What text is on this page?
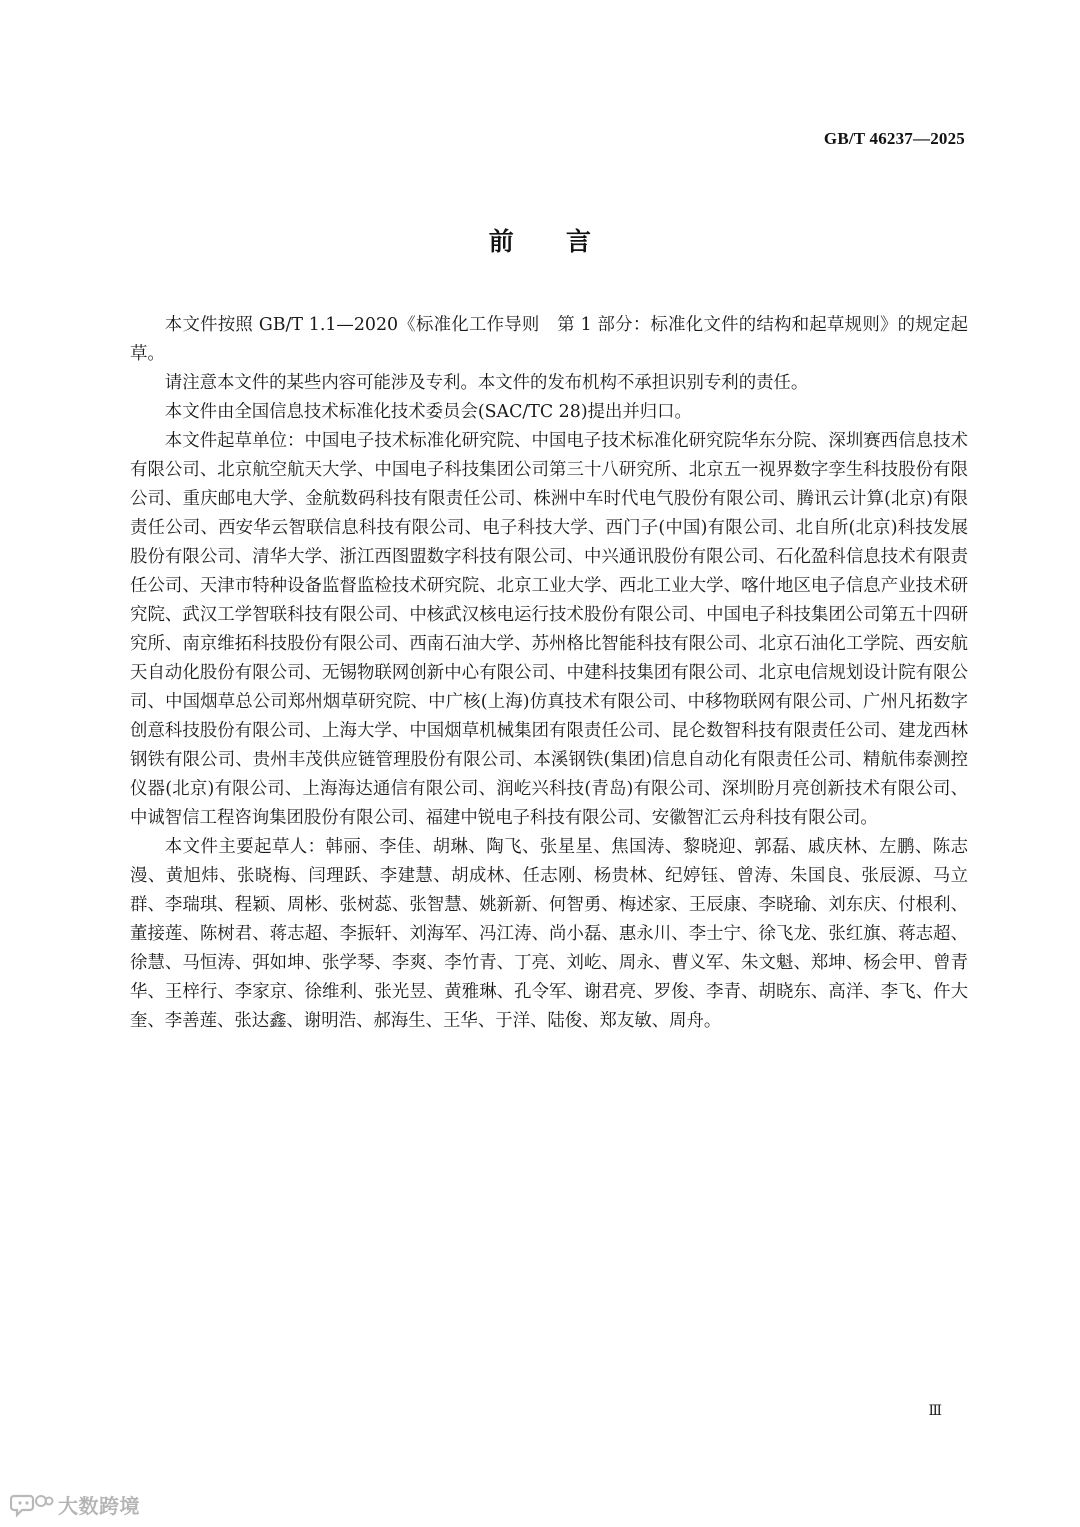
GB/T 46237—2025
前 言

本文件按照 GB/T 1.1—2020《标准化工作导则　第 1 部分：标准化文件的结构和起草规则》的规定起草。

请注意本文件的某些内容可能涉及专利。本文件的发布机构不承担识别专利的责任。

本文件由全国信息技术标准化技术委员会(SAC/TC 28)提出并归口。

本文件起草单位：中国电子技术标准化研究院、中国电子技术标准化研究院华东分院、深圳赛西信息技术有限公司、北京航空航天大学、中国电子科技集团公司第三十八研究所、北京五一视界数字孪生科技股份有限公司、重庆邮电大学、金航数码科技有限责任公司、株洲中车时代电气股份有限公司、腾讯云计算(北京)有限责任公司、西安华云智联信息科技有限公司、电子科技大学、西门子(中国)有限公司、北自所(北京)科技发展股份有限公司、清华大学、浙江西图盟数字科技有限公司、中兴通讯股份有限公司、石化盈科信息技术有限责任公司、天津市特种设备监督监检技术研究院、北京工业大学、西北工业大学、喀什地区电子信息产业技术研究院、武汉工学智联科技有限公司、中核武汉核电运行技术股份有限公司、中国电子科技集团公司第五十四研究所、南京维拓科技股份有限公司、西南石油大学、苏州格比智能科技有限公司、北京石油化工学院、西安航天自动化股份有限公司、无锡物联网创新中心有限公司、中建科技集团有限公司、北京电信规划设计院有限公司、中国烟草总公司郑州烟草研究院、中广核(上海)仿真技术有限公司、中移物联网有限公司、广州凡拓数字创意科技股份有限公司、上海大学、中国烟草机械集团有限责任公司、昆仑数智科技有限责任公司、建龙西林钢铁有限公司、贵州丰茂供应链管理股份有限公司、本溪钢铁(集团)信息自动化有限责任公司、精航伟泰测控仪器(北京)有限公司、上海海达通信有限公司、润屹兴科技(青岛)有限公司、深圳盼月亮创新技术有限公司、中诚智信工程咨询集团股份有限公司、福建中锐电子科技有限公司、安徽智汇云舟科技有限公司。

本文件主要起草人：韩丽、李佳、胡琳、陶飞、张星星、焦国涛、黎晓迎、郭磊、戚庆林、左鹏、陈志漫、黄旭炜、张晓梅、闫理跃、李建慧、胡成林、任志刚、杨贵林、纪婷钰、曾涛、朱国良、张辰源、马立群、李瑞琪、程颖、周彬、张树蕊、张智慧、姚新新、何智勇、梅述家、王辰康、李晓瑜、刘东庆、付根利、董接莲、陈树君、蒋志超、李振轩、刘海军、冯江涛、尚小磊、惠永川、李士宁、徐飞龙、张红旗、蒋志超、徐慧、马恒涛、弭如坤、张学琴、李爽、李竹青、丁亮、刘屹、周永、曹义军、朱文魁、郑坤、杨会甲、曾青华、王梓行、李家京、徐维利、张光昱、黄雅琳、孔令军、谢君亮、罗俊、李青、胡晓东、高洋、李飞、仵大奎、李善莲、张达鑫、谢明浩、郝海生、王华、于洋、陆俊、郑友敏、周舟。

Ⅲ
大数跨境
